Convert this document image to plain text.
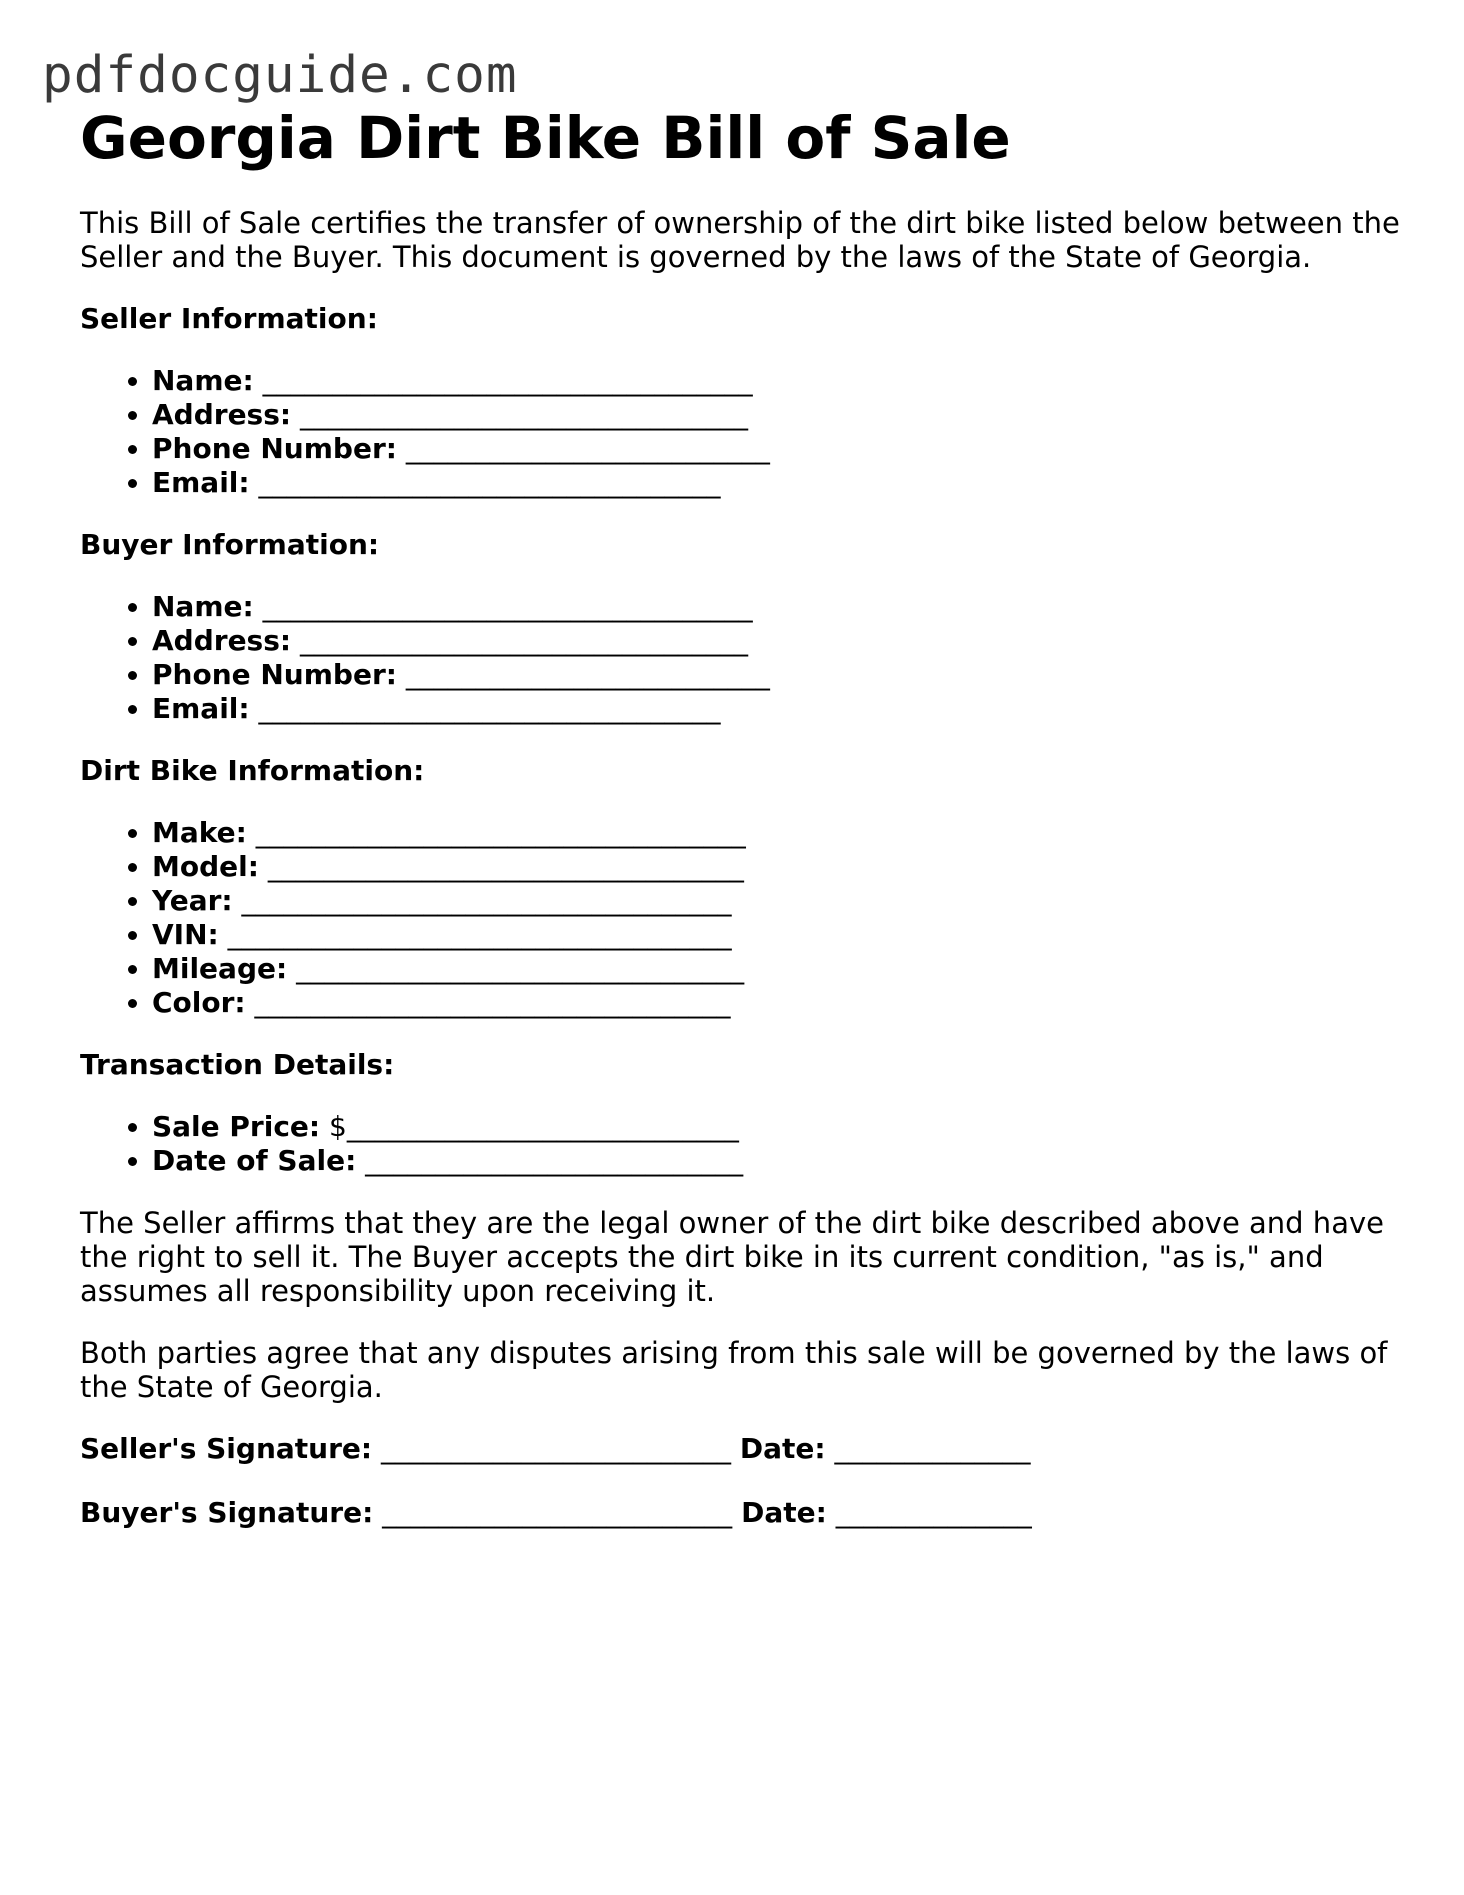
pdfdocguide.com
Georgia Dirt Bike Bill of Sale

This Bill of Sale certifies the transfer of ownership of the dirt bike listed below between the Seller and the Buyer. This document is governed by the laws of the State of Georgia.

Seller Information:

• Name: ___________________________________
• Address: ________________________________
• Phone Number: __________________________
• Email: _________________________________

Buyer Information:

• Name: ___________________________________
• Address: ________________________________
• Phone Number: __________________________
• Email: _________________________________

Dirt Bike Information:

• Make: ___________________________________
• Model: __________________________________
• Year: ___________________________________
• VIN: ____________________________________
• Mileage: ________________________________
• Color: __________________________________

Transaction Details:

• Sale Price: $____________________________
• Date of Sale: ___________________________

The Seller affirms that they are the legal owner of the dirt bike described above and have the right to sell it. The Buyer accepts the dirt bike in its current condition, "as is," and assumes all responsibility upon receiving it.

Both parties agree that any disputes arising from this sale will be governed by the laws of the State of Georgia.

Seller's Signature: _________________________ Date: ______________

Buyer's Signature: _________________________ Date: ______________
